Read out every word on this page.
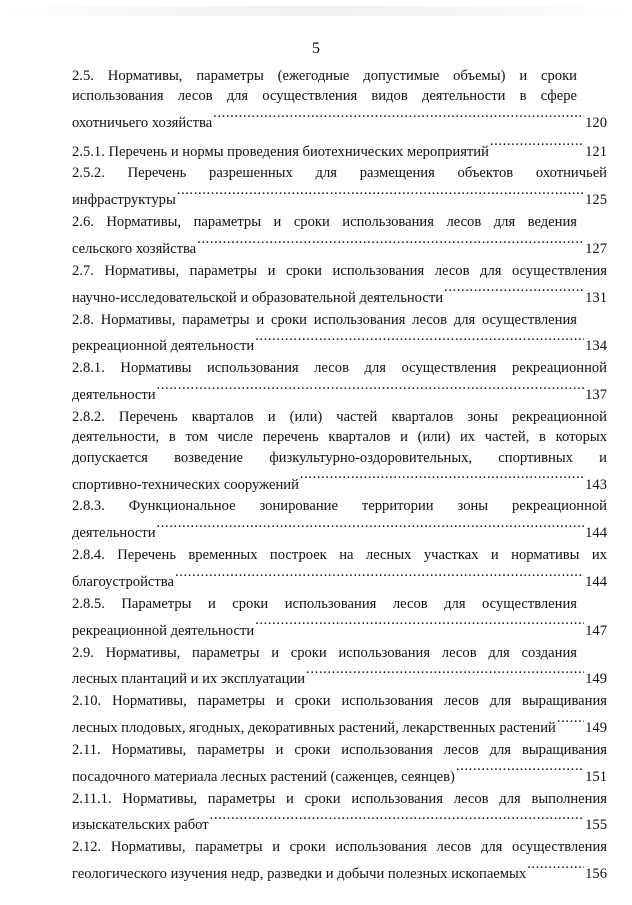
5
2.5. Нормативы, параметры (ежегодные допустимые объемы) и сроки
использования лесов для осуществления видов деятельности в сфере
охотничьего хозяйства .....	120
2.5.1. Перечень и нормы проведения биотехнических мероприятий .....	121
2.5.2. Перечень разрешенных для размещения объектов охотничьей
инфраструктуры .....	125
2.6. Нормативы, параметры и сроки использования лесов для ведения
сельского хозяйства .....	127
2.7. Нормативы, параметры и сроки использования лесов для осуществления
научно-исследовательской и образовательной деятельности .....	131
2.8. Нормативы, параметры и сроки использования лесов для осуществления
рекреационной деятельности .....	134
2.8.1. Нормативы использования лесов для осуществления рекреационной
деятельности .....	137
2.8.2. Перечень кварталов и (или) частей кварталов зоны рекреационной
деятельности, в том числе перечень кварталов и (или) их частей, в которых
допускается возведение физкультурно-оздоровительных, спортивных и
спортивно-технических сооружений .....	143
2.8.3. Функциональное зонирование территории зоны рекреационной
деятельности .....	144
2.8.4. Перечень временных построек на лесных участках и нормативы их
благоустройства .....	144
2.8.5. Параметры и сроки использования лесов для осуществления
рекреационной деятельности .....	147
2.9. Нормативы, параметры и сроки использования лесов для создания
лесных плантаций и их эксплуатации .....	149
2.10. Нормативы, параметры и сроки использования лесов для выращивания
лесных плодовых, ягодных, декоративных растений, лекарственных растений ..... 149
2.11. Нормативы, параметры и сроки использования лесов для выращивания
посадочного материала лесных растений (саженцев, сеянцев) .....	151
2.11.1. Нормативы, параметры и сроки использования лесов для выполнения
изыскательских работ .....	155
2.12. Нормативы, параметры и сроки использования лесов для осуществления
геологического изучения недр, разведки и добычи полезных ископаемых .....	156
